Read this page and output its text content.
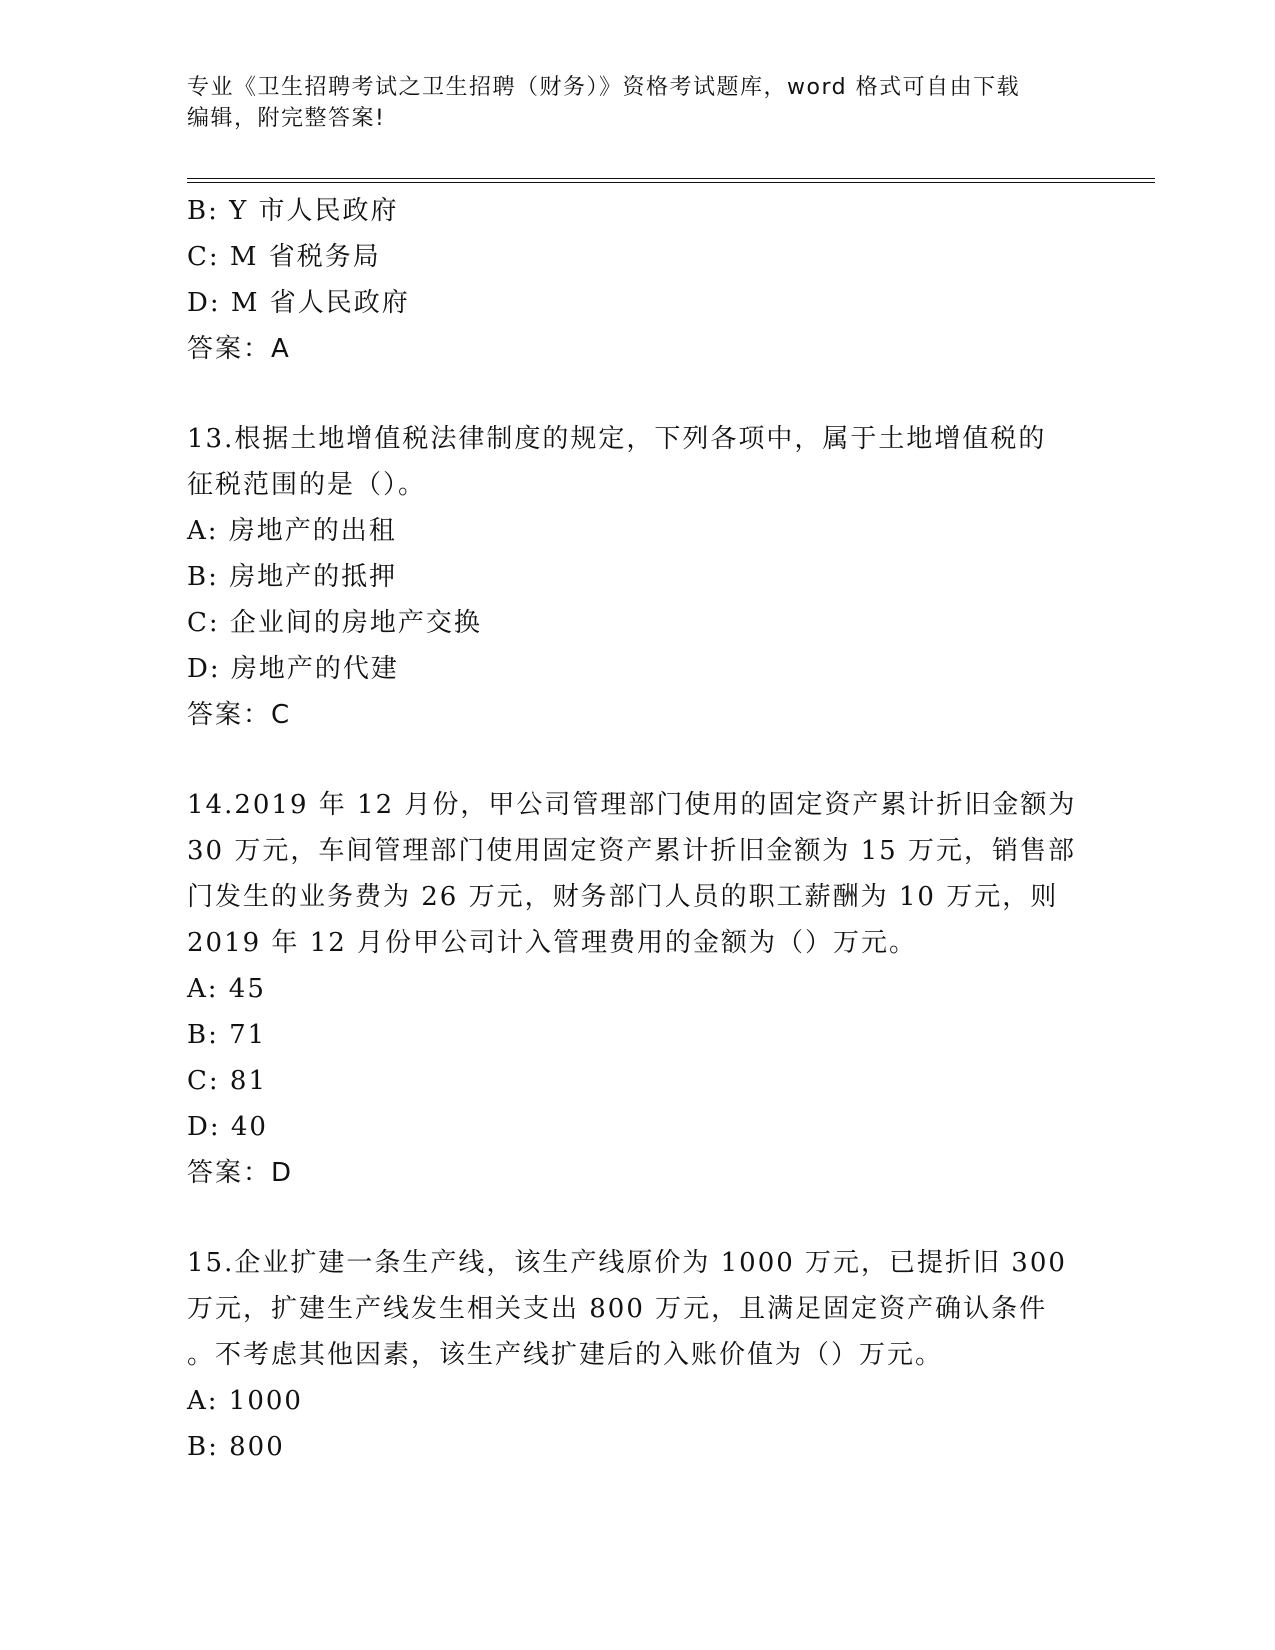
专业《卫生招聘考试之卫生招聘（财务）》资格考试题库，word 格式可自由下载
编辑，附完整答案!
B: Y 市人民政府
C: M 省税务局
D: M 省人民政府
答案：A
13.根据土地增值税法律制度的规定，下列各项中，属于土地增值税的
征税范围的是（）。
A: 房地产的出租
B: 房地产的抵押
C: 企业间的房地产交换
D: 房地产的代建
答案：C
14.2019 年 12 月份，甲公司管理部门使用的固定资产累计折旧金额为
30 万元，车间管理部门使用固定资产累计折旧金额为 15 万元，销售部
门发生的业务费为 26 万元，财务部门人员的职工薪酬为 10 万元，则
2019 年 12 月份甲公司计入管理费用的金额为（）万元。
A: 45
B: 71
C: 81
D: 40
答案：D
15.企业扩建一条生产线，该生产线原价为 1000 万元，已提折旧 300
万元，扩建生产线发生相关支出 800 万元，且满足固定资产确认条件
。不考虑其他因素，该生产线扩建后的入账价值为（）万元。
A: 1000
B: 800
